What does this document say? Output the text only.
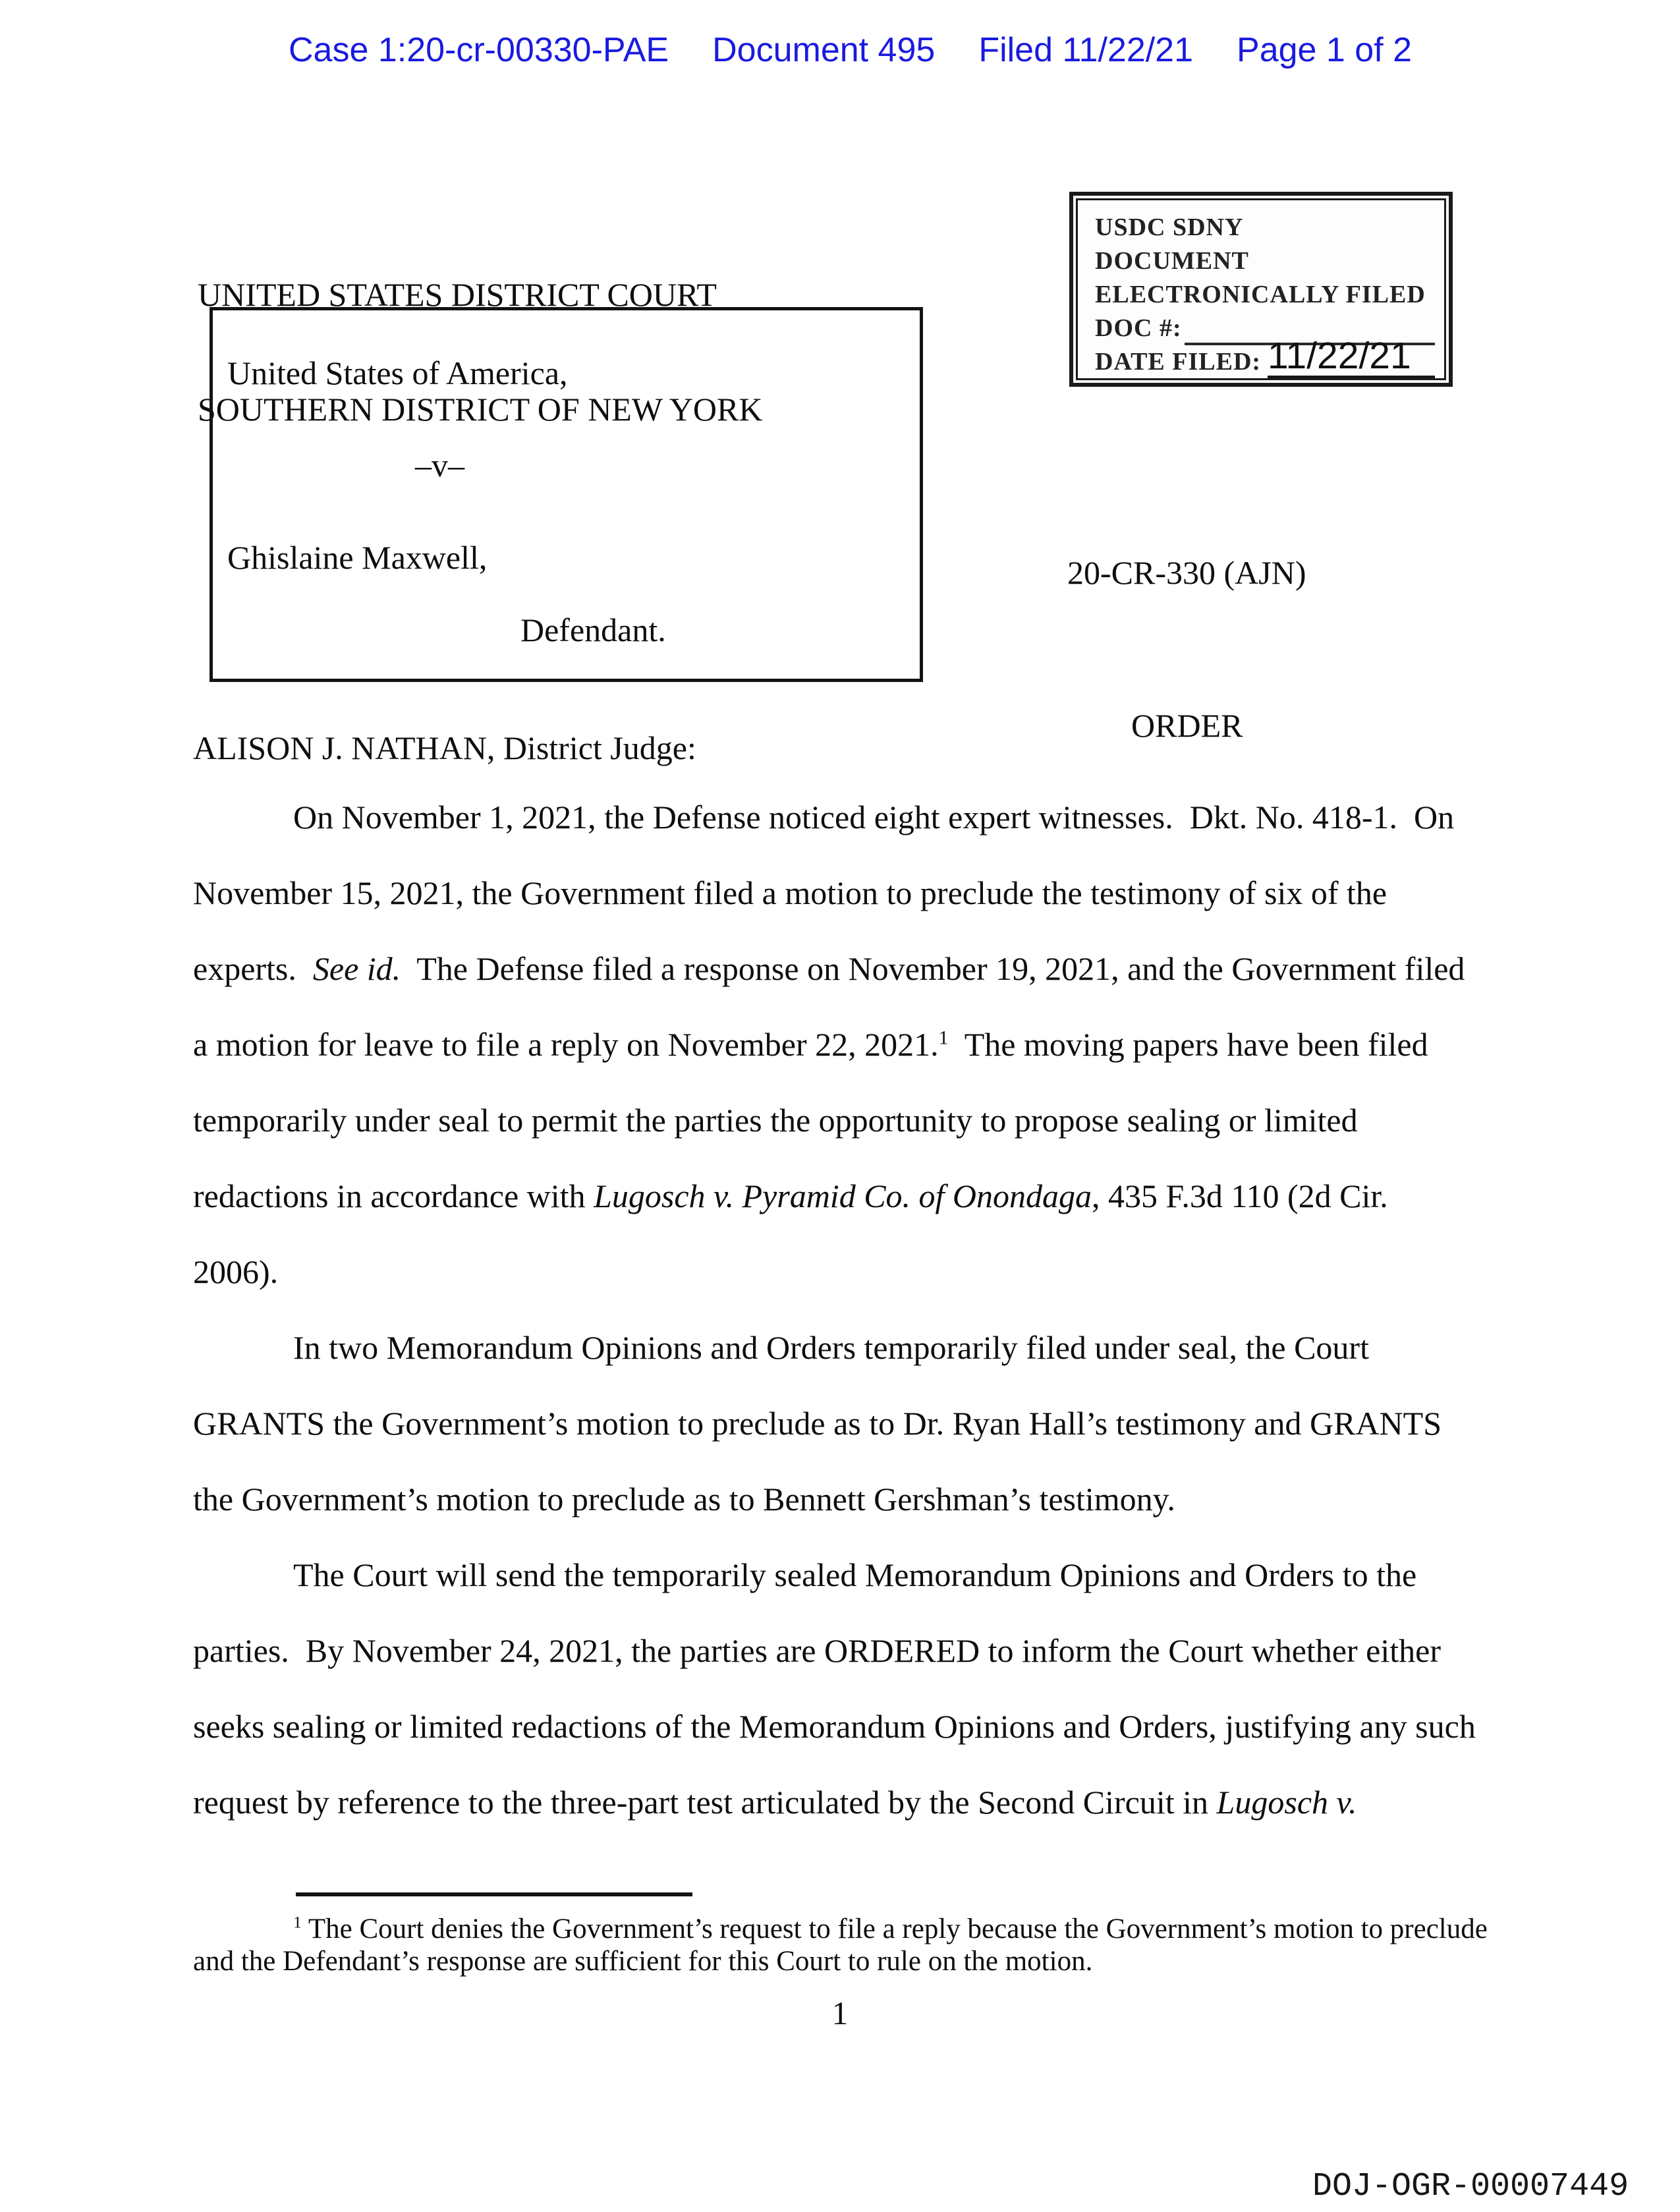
Case 1:20-cr-00330-PAE Document 495 Filed 11/22/21 Page 1 of 2

UNITED STATES DISTRICT COURT

SOUTHERN DISTRICT OF NEW YORK

USDC SDNY
DOCUMENT
ELECTRONICALLY FILED
DOC #:
DATE FILED: 11/22/21

United States of America,

–v–

Ghislaine Maxwell,

Defendant.

20-CR-330 (AJN)

ORDER

ALISON J. NATHAN, District Judge:
On November 1, 2021, the Defense noticed eight expert witnesses.  Dkt. No. 418-1.  On
November 15, 2021, the Government filed a motion to preclude the testimony of six of the
experts.  See id.  The Defense filed a response on November 19, 2021, and the Government filed
a motion for leave to file a reply on November 22, 2021.$^1$  The moving papers have been filed
temporarily under seal to permit the parties the opportunity to propose sealing or limited
redactions in accordance with Lugosch v. Pyramid Co. of Onondaga, 435 F.3d 110 (2d Cir.
2006).
In two Memorandum Opinions and Orders temporarily filed under seal, the Court
GRANTS the Government’s motion to preclude as to Dr. Ryan Hall’s testimony and GRANTS
the Government’s motion to preclude as to Bennett Gershman’s testimony.
The Court will send the temporarily sealed Memorandum Opinions and Orders to the
parties.  By November 24, 2021, the parties are ORDERED to inform the Court whether either
seeks sealing or limited redactions of the Memorandum Opinions and Orders, justifying any such
request by reference to the three-part test articulated by the Second Circuit in Lugosch v.
$^1$ The Court denies the Government’s request to file a reply because the Government’s motion to preclude
and the Defendant’s response are sufficient for this Court to rule on the motion.
1
DOJ-OGR-00007449
